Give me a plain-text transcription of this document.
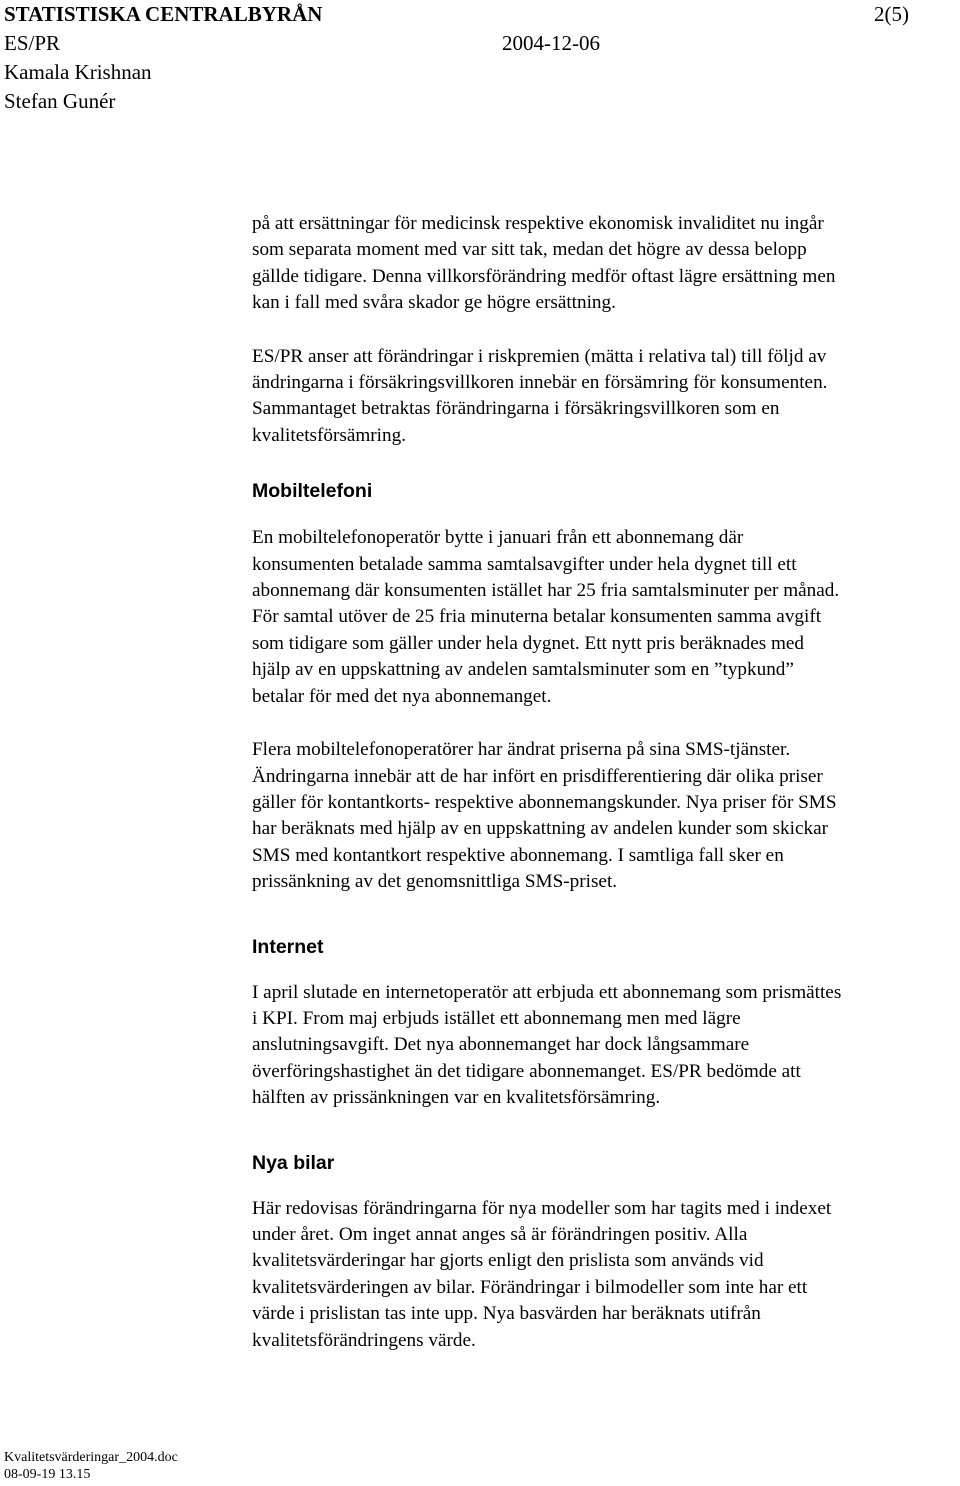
STATISTISKA CENTRALBYRÅN	2(5)
ES/PR	2004-12-06
Kamala Krishnan
Stefan Gunér

på att ersättningar för medicinsk respektive ekonomisk invaliditet nu ingår

som separata moment med var sitt tak, medan det högre av dessa belopp

gällde tidigare. Denna villkorsförändring medför oftast lägre ersättning men

kan i fall med svåra skador ge högre ersättning.

ES/PR anser att förändringar i riskpremien (mätta i relativa tal) till följd av

ändringarna i försäkringsvillkoren innebär en försämring för konsumenten.

Sammantaget betraktas förändringarna i försäkringsvillkoren som en

kvalitetsförsämring.

Mobiltelefoni

En mobiltelefonoperatör bytte i januari från ett abonnemang där

konsumenten betalade samma samtalsavgifter under hela dygnet till ett

abonnemang där konsumenten istället har 25 fria samtalsminuter per månad.

För samtal utöver de 25 fria minuterna betalar konsumenten samma avgift

som tidigare som gäller under hela dygnet. Ett nytt pris beräknades med

hjälp av en uppskattning av andelen samtalsminuter som en ”typkund”

betalar för med det nya abonnemanget.

Flera mobiltelefonoperatörer har ändrat priserna på sina SMS-tjänster.

Ändringarna innebär att de har infört en prisdifferentiering där olika priser

gäller för kontantkorts- respektive abonnemangskunder. Nya priser för SMS

har beräknats med hjälp av en uppskattning av andelen kunder som skickar

SMS med kontantkort respektive abonnemang. I samtliga fall sker en

prissänkning av det genomsnittliga SMS-priset.

Internet

I april slutade en internetoperatör att erbjuda ett abonnemang som prismättes

i KPI. From maj erbjuds istället ett abonnemang men med lägre

anslutningsavgift. Det nya abonnemanget har dock långsammare

överföringshastighet än det tidigare abonnemanget. ES/PR bedömde att

hälften av prissänkningen var en kvalitetsförsämring.

Nya bilar

Här redovisas förändringarna för nya modeller som har tagits med i indexet

under året. Om inget annat anges så är förändringen positiv. Alla

kvalitetsvärderingar har gjorts enligt den prislista som används vid

kvalitetsvärderingen av bilar. Förändringar i bilmodeller som inte har ett

värde i prislistan tas inte upp. Nya basvärden har beräknats utifrån

kvalitetsförändringens värde.

Kvalitetsvärderingar_2004.doc
08-09-19 13.15
